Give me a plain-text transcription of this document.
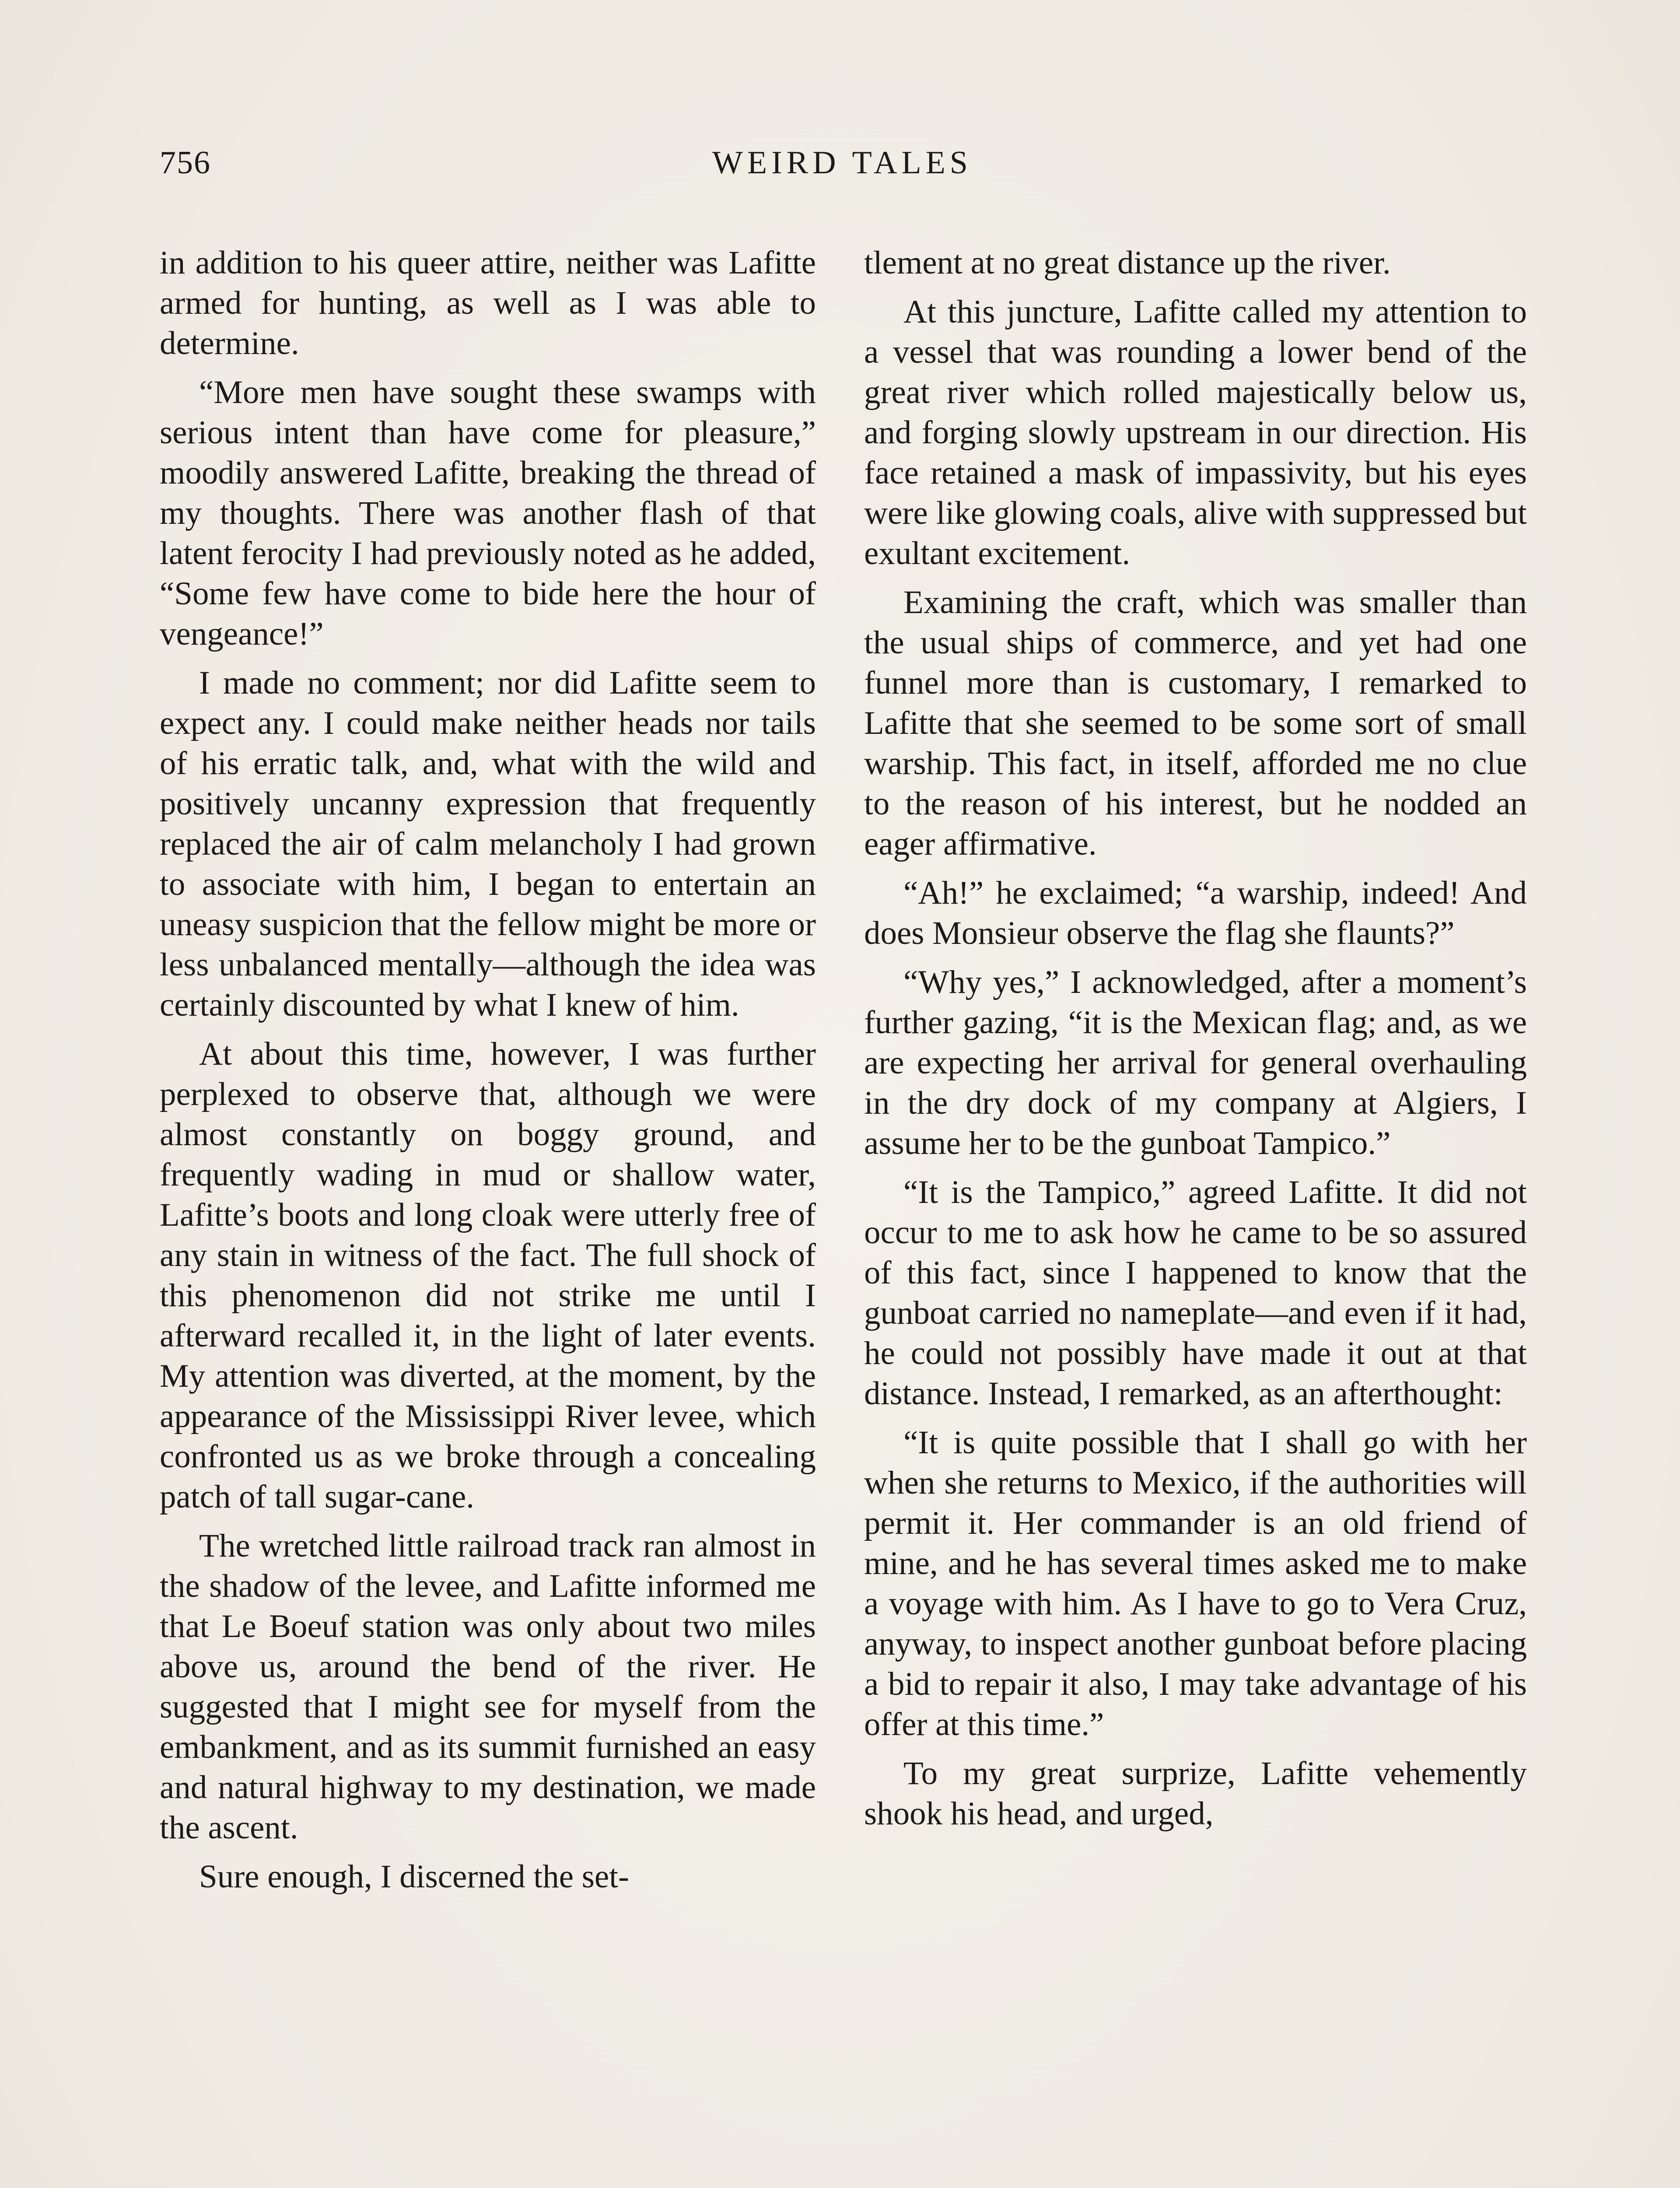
756	WEIRD TALES

in addition to his queer attire, neither was Lafitte armed for hunting, as well as I was able to determine.

“More men have sought these swamps with serious intent than have come for pleasure,” moodily answered Lafitte, breaking the thread of my thoughts. There was another flash of that latent ferocity I had previously noted as he added, “Some few have come to bide here the hour of vengeance!”

I made no comment; nor did Lafitte seem to expect any. I could make neither heads nor tails of his erratic talk, and, what with the wild and positively uncanny expression that frequently replaced the air of calm melancholy I had grown to associate with him, I began to entertain an uneasy suspicion that the fellow might be more or less unbalanced mentally—although the idea was certainly discounted by what I knew of him.

At about this time, however, I was further perplexed to observe that, although we were almost constantly on boggy ground, and frequently wading in mud or shallow water, Lafitte’s boots and long cloak were utterly free of any stain in witness of the fact. The full shock of this phenomenon did not strike me until I afterward recalled it, in the light of later events. My attention was diverted, at the moment, by the appearance of the Mississippi River levee, which confronted us as we broke through a concealing patch of tall sugar-cane.

The wretched little railroad track ran almost in the shadow of the levee, and Lafitte informed me that Le Boeuf station was only about two miles above us, around the bend of the river. He suggested that I might see for myself from the embankment, and as its summit furnished an easy and natural highway to my destination, we made the ascent.

Sure enough, I discerned the set-

tlement at no great distance up the river.

At this juncture, Lafitte called my attention to a vessel that was rounding a lower bend of the great river which rolled majestically below us, and forging slowly upstream in our direction. His face retained a mask of impassivity, but his eyes were like glowing coals, alive with suppressed but exultant excitement.

Examining the craft, which was smaller than the usual ships of commerce, and yet had one funnel more than is customary, I remarked to Lafitte that she seemed to be some sort of small warship. This fact, in itself, afforded me no clue to the reason of his interest, but he nodded an eager affirmative.

“Ah!” he exclaimed; “a warship, indeed! And does Monsieur observe the flag she flaunts?”

“Why yes,” I acknowledged, after a moment’s further gazing, “it is the Mexican flag; and, as we are expecting her arrival for general overhauling in the dry dock of my company at Algiers, I assume her to be the gunboat Tampico.”

“It is the Tampico,” agreed Lafitte. It did not occur to me to ask how he came to be so assured of this fact, since I happened to know that the gunboat carried no nameplate—and even if it had, he could not possibly have made it out at that distance. Instead, I remarked, as an afterthought:

“It is quite possible that I shall go with her when she returns to Mexico, if the authorities will permit it. Her commander is an old friend of mine, and he has several times asked me to make a voyage with him. As I have to go to Vera Cruz, anyway, to inspect another gunboat before placing a bid to repair it also, I may take advantage of his offer at this time.”

To my great surprize, Lafitte vehemently shook his head, and urged,
